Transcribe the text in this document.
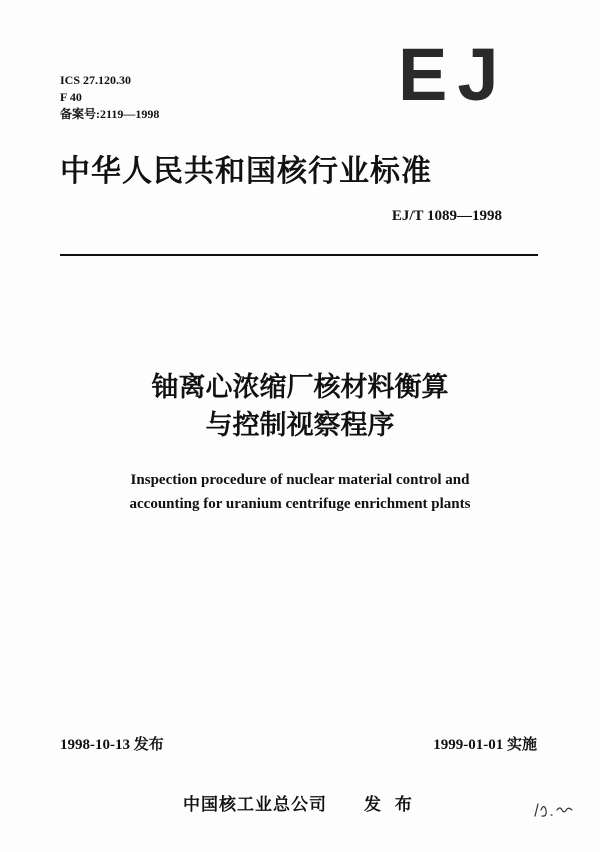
ICS 27.120.30
F 40
备案号:2119—1998	EJ
中华人民共和国核行业标准
EJ/T 1089—1998
铀离心浓缩厂核材料衡算
与控制视察程序
Inspection procedure of nuclear material control and
accounting for uranium centrifuge enrichment plants
1998-10-13 发布	1999-01-01 实施
中国核工业总公司 发 布
